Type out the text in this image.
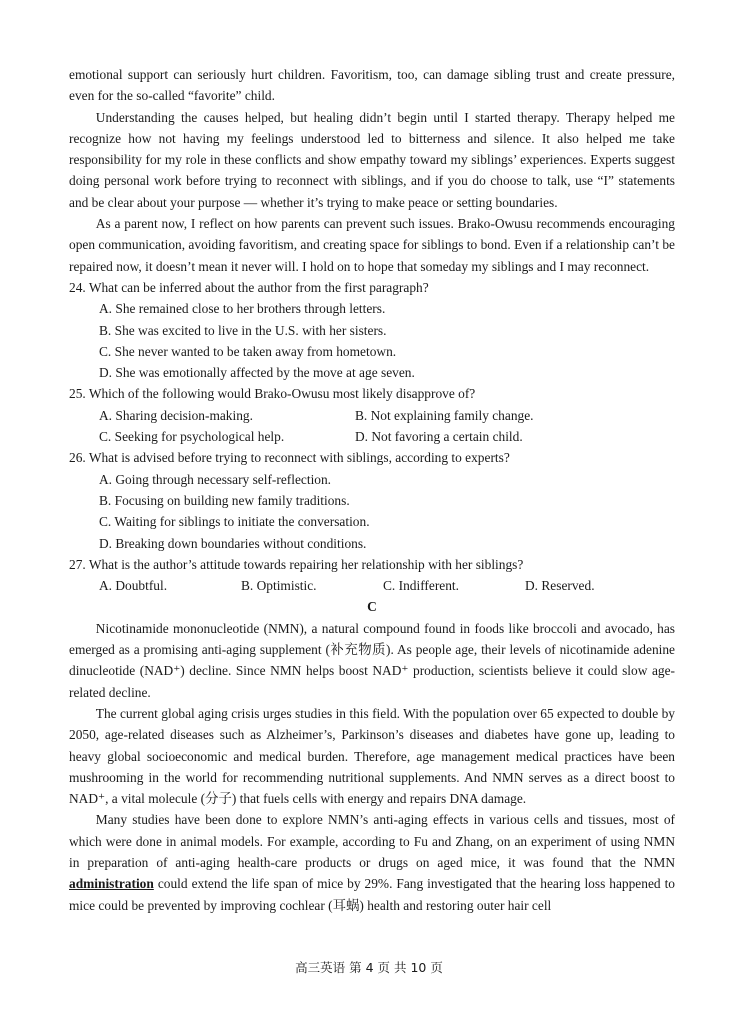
emotional support can seriously hurt children. Favoritism, too, can damage sibling trust and create pressure, even for the so-called “favorite” child.

Understanding the causes helped, but healing didn’t begin until I started therapy. Therapy helped me recognize how not having my feelings understood led to bitterness and silence. It also helped me take responsibility for my role in these conflicts and show empathy toward my siblings’ experiences. Experts suggest doing personal work before trying to reconnect with siblings, and if you do choose to talk, use “I” statements and be clear about your purpose — whether it’s trying to make peace or setting boundaries.

As a parent now, I reflect on how parents can prevent such issues. Brako-Owusu recommends encouraging open communication, avoiding favoritism, and creating space for siblings to bond. Even if a relationship can’t be repaired now, it doesn’t mean it never will. I hold on to hope that someday my siblings and I may reconnect.

24. What can be inferred about the author from the first paragraph?

A. She remained close to her brothers through letters.
B. She was excited to live in the U.S. with her sisters.
C. She never wanted to be taken away from hometown.
D. She was emotionally affected by the move at age seven.

25. Which of the following would Brako-Owusu most likely disapprove of?

A. Sharing decision-making.	B. Not explaining family change.
C. Seeking for psychological help.	D. Not favoring a certain child.

26. What is advised before trying to reconnect with siblings, according to experts?

A. Going through necessary self-reflection.
B. Focusing on building new family traditions.
C. Waiting for siblings to initiate the conversation.
D. Breaking down boundaries without conditions.

27. What is the author’s attitude towards repairing her relationship with her siblings?

A. Doubtful.	B. Optimistic.	C. Indifferent.	D. Reserved.
C

Nicotinamide mononucleotide (NMN), a natural compound found in foods like broccoli and avocado, has emerged as a promising anti-aging supplement (补充物质). As people age, their levels of nicotinamide adenine dinucleotide (NAD⁺) decline. Since NMN helps boost NAD⁺ production, scientists believe it could slow age-related decline.

The current global aging crisis urges studies in this field. With the population over 65 expected to double by 2050, age-related diseases such as Alzheimer’s, Parkinson’s diseases and diabetes have gone up, leading to heavy global socioeconomic and medical burden. Therefore, age management medical practices have been mushrooming in the world for recommending nutritional supplements. And NMN serves as a direct boost to NAD⁺, a vital molecule (分子) that fuels cells with energy and repairs DNA damage.

Many studies have been done to explore NMN’s anti-aging effects in various cells and tissues, most of which were done in animal models. For example, according to Fu and Zhang, on an experiment of using NMN in preparation of anti-aging health-care products or drugs on aged mice, it was found that the NMN administration could extend the life span of mice by 29%. Fang investigated that the hearing loss happened to mice could be prevented by improving cochlear (耳蜗) health and restoring outer hair cell

高三英语 第 4 页 共 10 页
